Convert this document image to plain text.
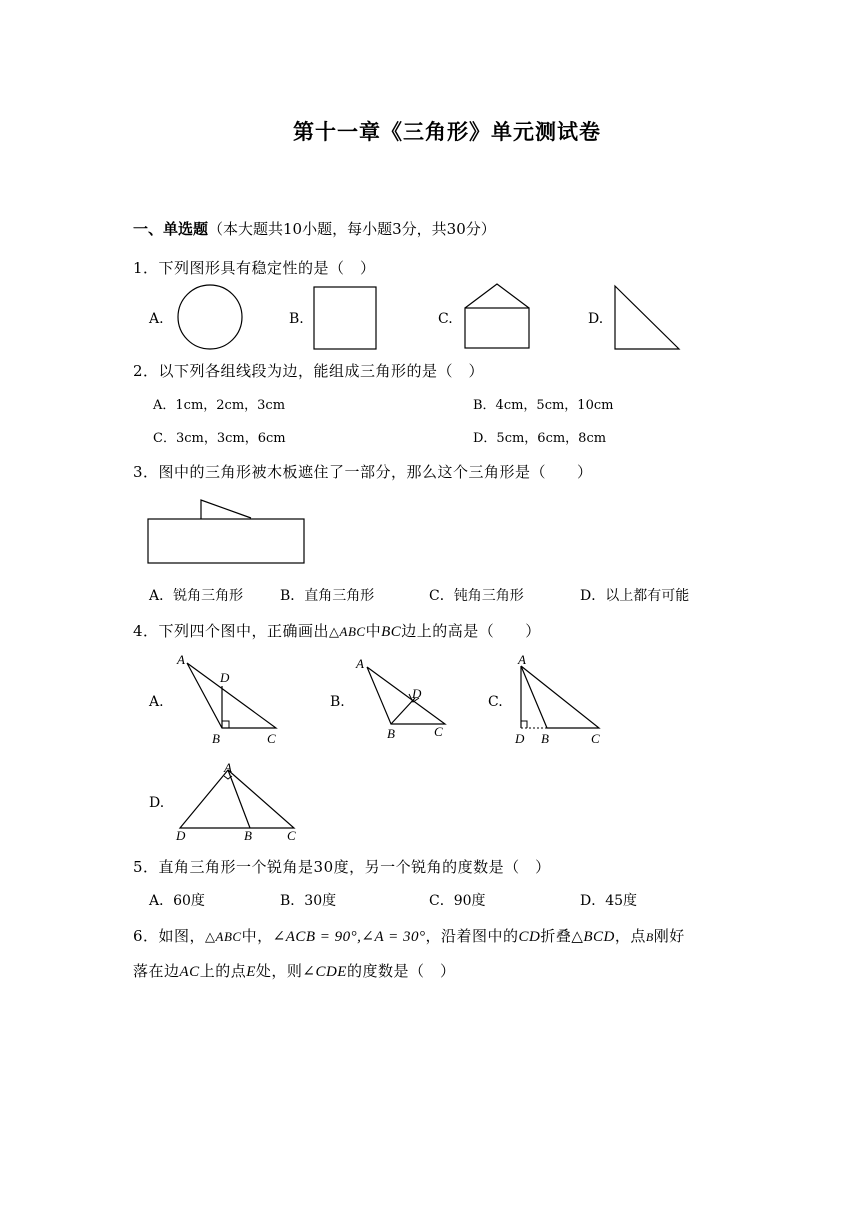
第十一章《三角形》单元测试卷
一、单选题（本大题共10小题，每小题3分，共30分）
1．下列图形具有稳定性的是（　）
A.	B.	C.	D.
2．以下列各组线段为边，能组成三角形的是（　）
A．1cm，2cm，3cm	B．4cm，5cm，10cm
C．3cm，3cm，6cm	D．5cm，6cm，8cm
3．图中的三角形被木板遮住了一部分，那么这个三角形是（　　）
A．锐角三角形	B．直角三角形	C．钝角三角形	D．以上都有可能
4．下列四个图中，正确画出△ABC中BC边上的高是（　　）
A.
A
D
B	C
B.
A
D
B	C
C.
A
D B	C
D.
A
D	B	C
5．直角三角形一个锐角是30度，另一个锐角的度数是（　）
A．60度	B．30度	C．90度	D．45度
6．如图，△ABC中，∠ACB = 90°,∠A = 30°，沿着图中的CD折叠△BCD，点B刚好
落在边AC上的点E处，则∠CDE的度数是（　）
